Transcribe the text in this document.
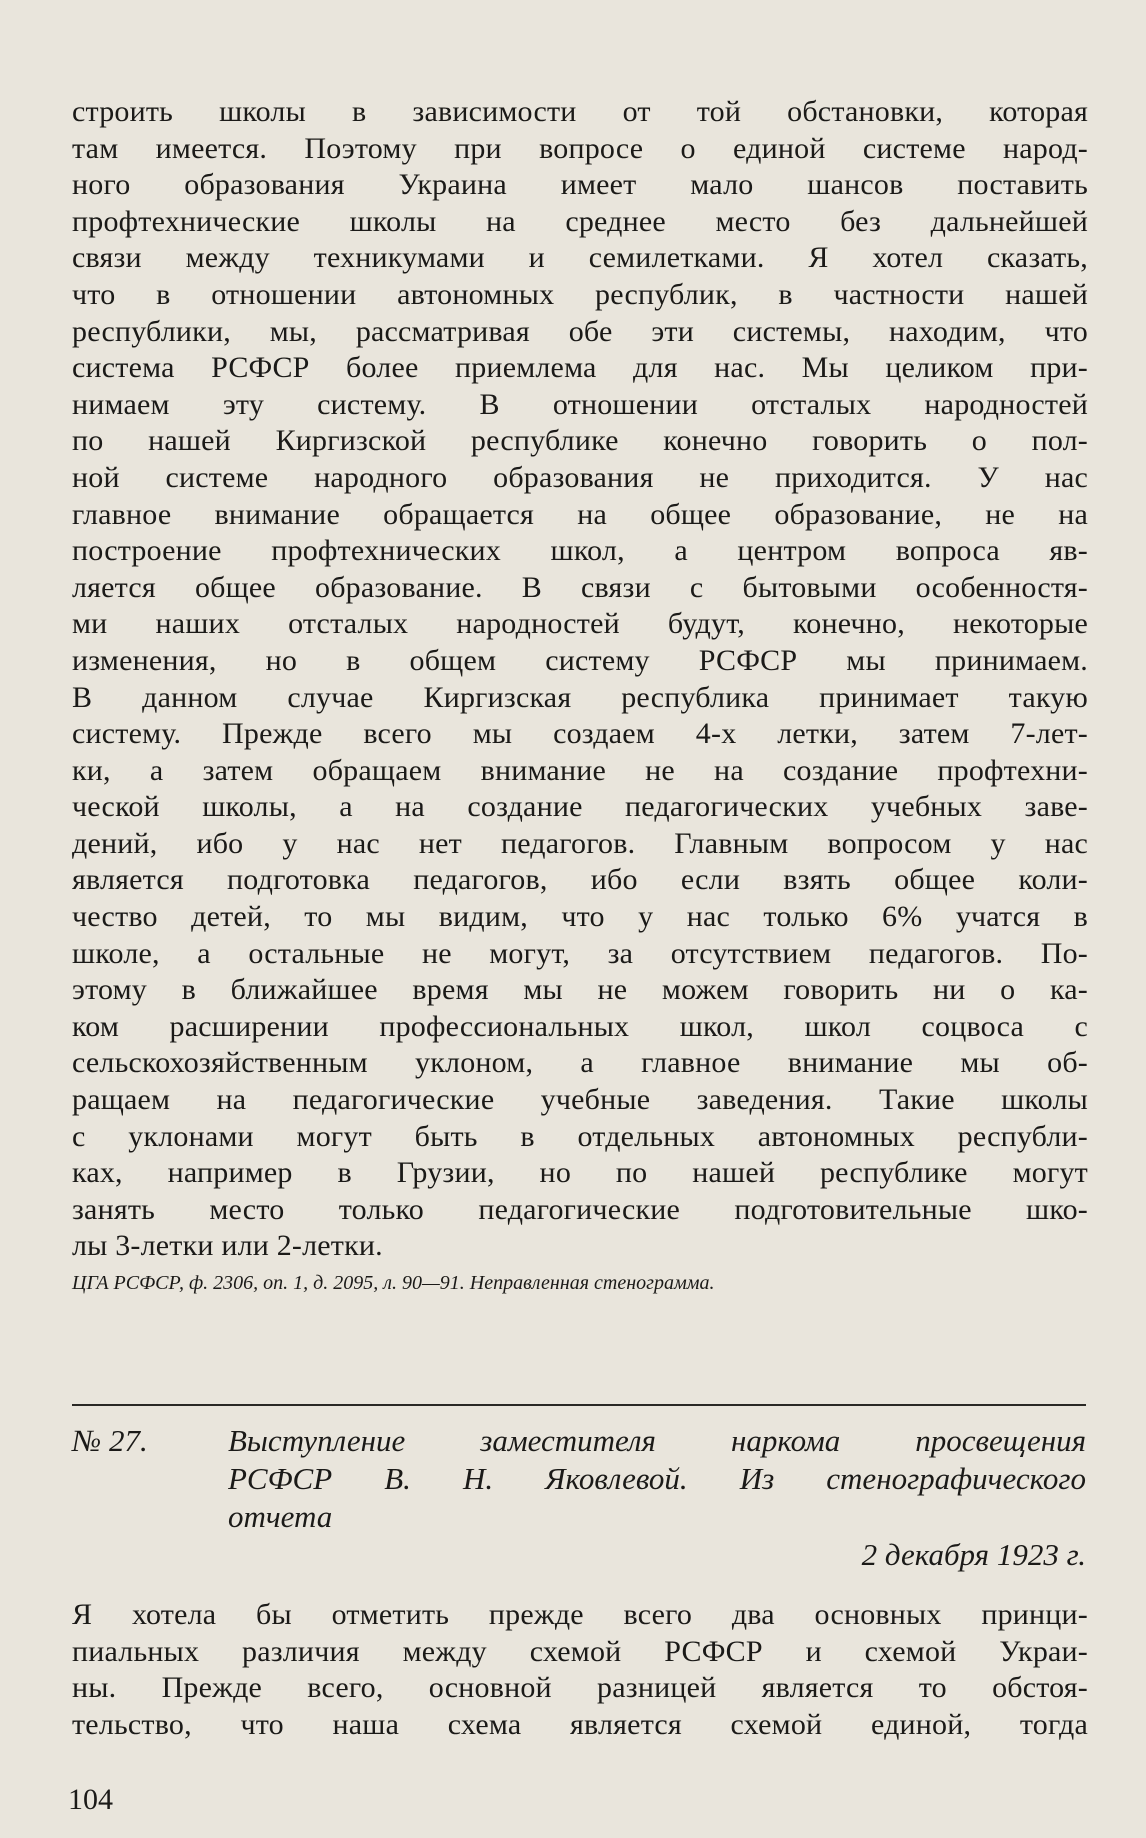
строить школы в зависимости от той обстановки, которая
там имеется. Поэтому при вопросе о единой системе народ-
ного образования Украина имеет мало шансов поставить
профтехнические школы на среднее место без дальнейшей
связи между техникумами и семилетками. Я хотел сказать,
что в отношении автономных республик, в частности нашей
республики, мы, рассматривая обе эти системы, находим, что
система РСФСР более приемлема для нас. Мы целиком при-
нимаем эту систему. В отношении отсталых народностей
по нашей Киргизской республике конечно говорить о пол-
ной системе народного образования не приходится. У нас
главное внимание обращается на общее образование, не на
построение профтехнических школ, а центром вопроса яв-
ляется общее образование. В связи с бытовыми особенностя-
ми наших отсталых народностей будут, конечно, некоторые
изменения, но в общем систему РСФСР мы принимаем.
В данном случае Киргизская республика принимает такую
систему. Прежде всего мы создаем 4-х летки, затем 7-лет-
ки, а затем обращаем внимание не на создание профтехни-
ческой школы, а на создание педагогических учебных заве-
дений, ибо у нас нет педагогов. Главным вопросом у нас
является подготовка педагогов, ибо если взять общее коли-
чество детей, то мы видим, что у нас только 6% учатся в
школе, а остальные не могут, за отсутствием педагогов. По-
этому в ближайшее время мы не можем говорить ни о ка-
ком расширении профессиональных школ, школ соцвоса с
сельскохозяйственным уклоном, а главное внимание мы об-
ращаем на педагогические учебные заведения. Такие школы
с уклонами могут быть в отдельных автономных республи-
ках, например в Грузии, но по нашей республике могут
занять место только педагогические подготовительные шко-
лы 3-летки или 2-летки.
ЦГА РСФСР, ф. 2306, оп. 1, д. 2095, л. 90—91. Неправленная стенограмма.
№ 27.	Выступление заместителя наркома просвещения
РСФСР В. Н. Яковлевой. Из стенографического
отчета
2 декабря 1923 г.
Я хотела бы отметить прежде всего два основных принци-
пиальных различия между схемой РСФСР и схемой Украи-
ны. Прежде всего, основной разницей является то обстоя-
тельство, что наша схема является схемой единой, тогда
104
